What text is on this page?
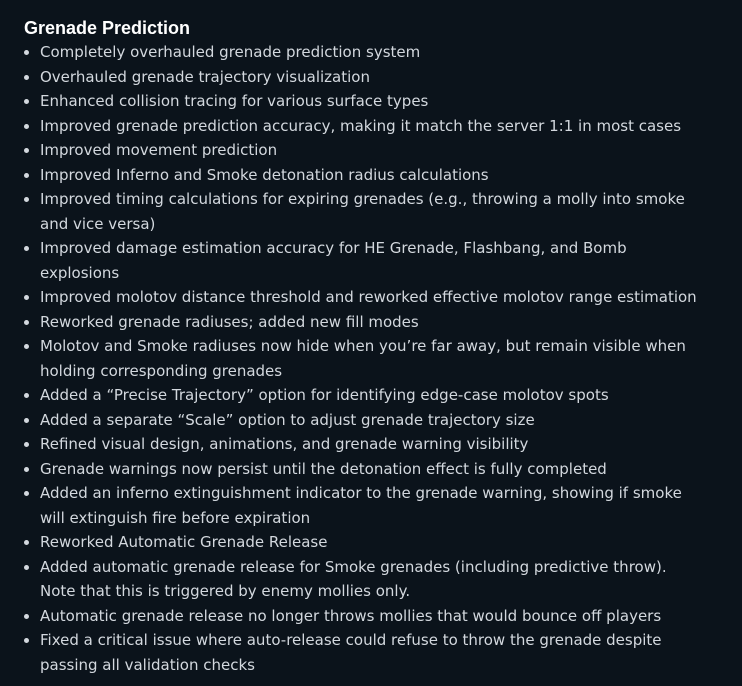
Grenade Prediction
Completely overhauled grenade prediction system
Overhauled grenade trajectory visualization
Enhanced collision tracing for various surface types
Improved grenade prediction accuracy, making it match the server 1:1 in most cases
Improved movement prediction
Improved Inferno and Smoke detonation radius calculations
Improved timing calculations for expiring grenades (e.g., throwing a molly into smoke and vice versa)
Improved damage estimation accuracy for HE Grenade, Flashbang, and Bomb explosions
Improved molotov distance threshold and reworked effective molotov range estimation
Reworked grenade radiuses; added new fill modes
Molotov and Smoke radiuses now hide when you’re far away, but remain visible when holding corresponding grenades
Added a “Precise Trajectory” option for identifying edge-case molotov spots
Added a separate “Scale” option to adjust grenade trajectory size
Refined visual design, animations, and grenade warning visibility
Grenade warnings now persist until the detonation effect is fully completed
Added an inferno extinguishment indicator to the grenade warning, showing if smoke will extinguish fire before expiration
Reworked Automatic Grenade Release
Added automatic grenade release for Smoke grenades (including predictive throw). Note that this is triggered by enemy mollies only.
Automatic grenade release no longer throws mollies that would bounce off players
Fixed a critical issue where auto-release could refuse to throw the grenade despite passing all validation checks
